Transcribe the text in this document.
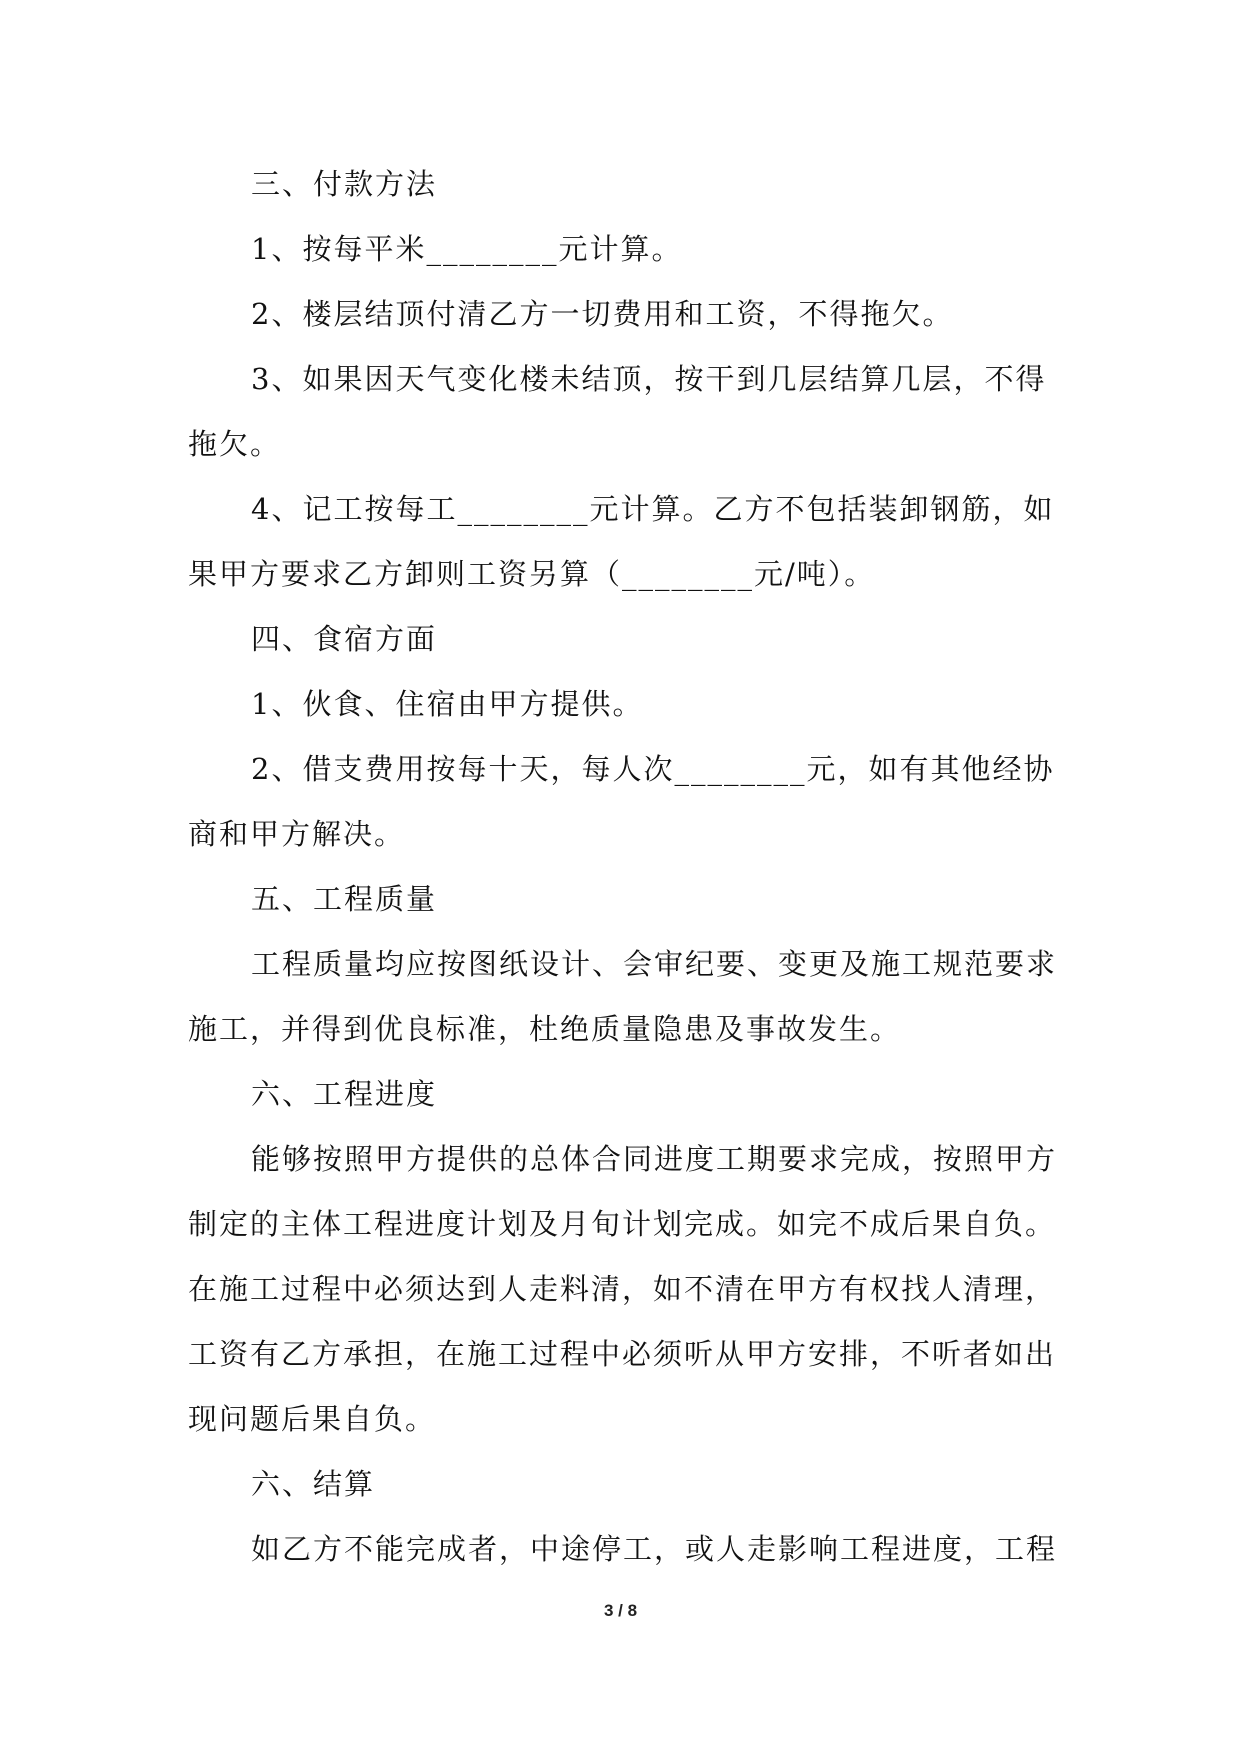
三、付款方法

1、按每平米________元计算。

2、楼层结顶付清乙方一切费用和工资，不得拖欠。

3、如果因天气变化楼未结顶，按干到几层结算几层，不得拖欠。

4、记工按每工________元计算。乙方不包括装卸钢筋，如果甲方要求乙方卸则工资另算（________元/吨）。

四、食宿方面

1、伙食、住宿由甲方提供。

2、借支费用按每十天，每人次________元，如有其他经协商和甲方解决。

五、工程质量

工程质量均应按图纸设计、会审纪要、变更及施工规范要求施工，并得到优良标准，杜绝质量隐患及事故发生。

六、工程进度

能够按照甲方提供的总体合同进度工期要求完成，按照甲方制定的主体工程进度计划及月旬计划完成。如完不成后果自负。在施工过程中必须达到人走料清，如不清在甲方有权找人清理，工资有乙方承担，在施工过程中必须听从甲方安排，不听者如出现问题后果自负。

六、结算

如乙方不能完成者，中途停工，或人走影响工程进度，工程

3 / 8
